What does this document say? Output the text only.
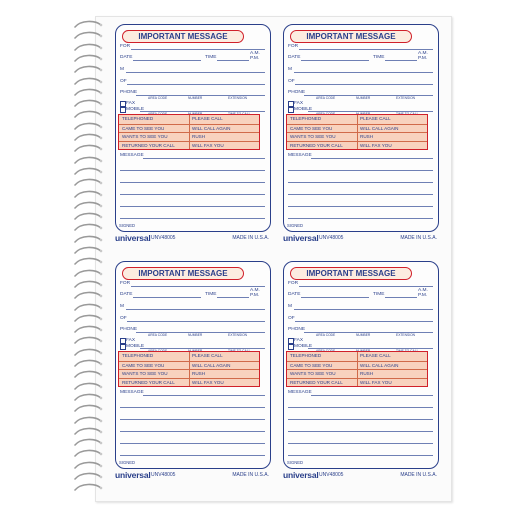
IMPORTANT MESSAGE
FOR
DATE	TIME
A.M.
P.M.
M
OF
PHONE
AREA CODE	NUMBER	EXTENSION
FAX
MOBILE
TELEPHONED	PLEASE CALL
CAME TO SEE YOU	WILL CALL AGAIN
WANTS TO SEE YOU	RUSH
RETURNED YOUR CALL	WILL FAX YOU
MESSAGE
SIGNED
universal UNV48005	MADE IN U.S.A.
IMPORTANT MESSAGE
FOR
DATE	TIME
A.M.
P.M.
M
OF
PHONE
AREA CODE	NUMBER	EXTENSION
FAX
MOBILE
TELEPHONED	PLEASE CALL
CAME TO SEE YOU	WILL CALL AGAIN
WANTS TO SEE YOU	RUSH
RETURNED YOUR CALL	WILL FAX YOU
MESSAGE
SIGNED
universal UNV48005	MADE IN U.S.A.
IMPORTANT MESSAGE
FOR
DATE	TIME
A.M.
P.M.
M
OF
PHONE
AREA CODE	NUMBER	EXTENSION
FAX
MOBILE
TELEPHONED	PLEASE CALL
CAME TO SEE YOU	WILL CALL AGAIN
WANTS TO SEE YOU	RUSH
RETURNED YOUR CALL	WILL FAX YOU
MESSAGE
SIGNED
universal UNV48005	MADE IN U.S.A.
IMPORTANT MESSAGE
FOR
DATE	TIME
A.M.
P.M.
M
OF
PHONE
AREA CODE	NUMBER	EXTENSION
FAX
MOBILE
TELEPHONED	PLEASE CALL
CAME TO SEE YOU	WILL CALL AGAIN
WANTS TO SEE YOU	RUSH
RETURNED YOUR CALL	WILL FAX YOU
MESSAGE
SIGNED
universal UNV48005	MADE IN U.S.A.
